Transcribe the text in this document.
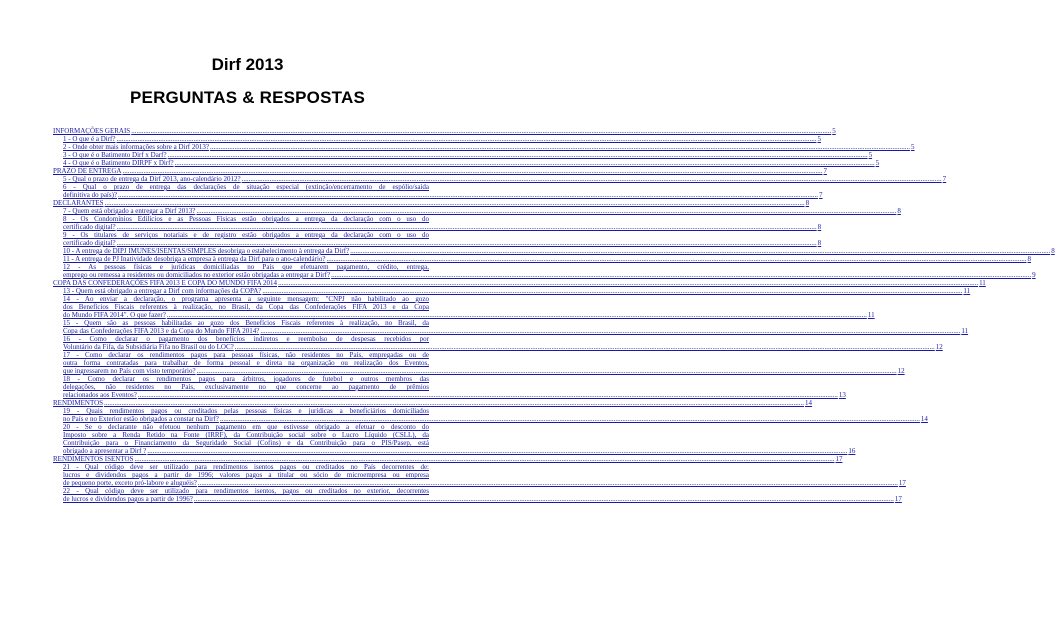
Dirf 2013
PERGUNTAS & RESPOSTAS
INFORMAÇÕES GERAIS ................................................................................................................................................................................................................................................................................................................................................................................................................ 5
1 - O que é a Dirf? ................................................................................................................................................................................................................................................................................................................................................................................................................ 5
2 - Onde obter mais informações sobre a Dirf 2013? ................................................................................................................................................................................................................................................................................................................................................................................................................ 5
3 - O que é o Batimento Dirf x Darf? ................................................................................................................................................................................................................................................................................................................................................................................................................ 5
4 - O que é o Batimento DIRPF x Dirf? ................................................................................................................................................................................................................................................................................................................................................................................................................ 5
PRAZO DE ENTREGA ................................................................................................................................................................................................................................................................................................................................................................................................................ 7
5 - Qual o prazo de entrega da Dirf 2013, ano-calendário 2012? ................................................................................................................................................................................................................................................................................................................................................................................................................ 7
6 - Qual o prazo de entrega das declarações de situação especial (extinção/encerramento de espólio/saída
definitiva do país)? ................................................................................................................................................................................................................................................................................................................................................................................................................ 7
DECLARANTES ................................................................................................................................................................................................................................................................................................................................................................................................................ 8
7 - Quem está obrigado a entregar a Dirf 2013? ................................................................................................................................................................................................................................................................................................................................................................................................................ 8
8 - Os Condomínios Edilícios e as Pessoas Físicas estão obrigados a entrega da declaração com o uso do
certificado digital? ................................................................................................................................................................................................................................................................................................................................................................................................................ 8
9 - Os titulares de serviços notariais e de registro estão obrigados a entrega da declaração com o uso do
certificado digital? ................................................................................................................................................................................................................................................................................................................................................................................................................ 8
10 - A entrega de DIPJ IMUNES/ISENTAS/SIMPLES desobriga o estabelecimento à entrega da Dirf? ................................................................................................................................................................................................................................................................................................................................................................................................................ 8
11 - A entrega de PJ Inatividade desobriga a empresa à entrega da Dirf para o ano-calendário? ................................................................................................................................................................................................................................................................................................................................................................................................................ 8
12 - As pessoas físicas e jurídicas domiciliadas no País que efetuarem pagamento, crédito, entrega,
emprego ou remessa a residentes ou domiciliados no exterior estão obrigadas a entregar a Dirf? ................................................................................................................................................................................................................................................................................................................................................................................................................ 9
COPA DAS CONFEDERAÇÕES FIFA 2013 E COPA DO MUNDO FIFA 2014 ................................................................................................................................................................................................................................................................................................................................................................................................................ 11
13 - Quem está obrigado a entregar a Dirf com informações da COPA? ................................................................................................................................................................................................................................................................................................................................................................................................................ 11
14 - Ao enviar a declaração, o programa apresenta a seguinte mensagem: "CNPJ não habilitado ao gozo
dos Benefícios Fiscais referentes à realização, no Brasil, da Copa das Confederações FIFA 2013 e da Copa
do Mundo FIFA 2014". O que fazer? ................................................................................................................................................................................................................................................................................................................................................................................................................ 11
15 - Quem são as pessoas habilitadas ao gozo dos Benefícios Fiscais referentes à realização, no Brasil, da
Copa das Confederações FIFA 2013 e da Copa do Mundo FIFA 2014? ................................................................................................................................................................................................................................................................................................................................................................................................................ 11
16 - Como declarar o pagamento dos benefícios indiretos e reembolso de despesas recebidos por
Voluntário da Fifa, da Subsidiária Fifa no Brasil ou do LOC? ................................................................................................................................................................................................................................................................................................................................................................................................................ 12
17 - Como declarar os rendimentos pagos para pessoas físicas, não residentes no País, empregadas ou de
outra forma contratadas para trabalhar de forma pessoal e direta na organização ou realização dos Eventos,
que ingressarem no País com visto temporário? ................................................................................................................................................................................................................................................................................................................................................................................................................ 12
18 - Como declarar os rendimentos pagos para árbitros, jogadores de futebol e outros membros das
delegações, não residentes no País, exclusivamente no que concerne ao pagamento de prêmios
relacionados aos Eventos? ................................................................................................................................................................................................................................................................................................................................................................................................................ 13
RENDIMENTOS ................................................................................................................................................................................................................................................................................................................................................................................................................ 14
19 - Quais rendimentos pagos ou creditados pelas pessoas físicas e jurídicas a beneficiários domiciliados
no País e no Exterior estão obrigados a constar na Dirf? ................................................................................................................................................................................................................................................................................................................................................................................................................ 14
20 - Se o declarante não efetuou nenhum pagamento em que estivesse obrigado a efetuar o desconto do
Imposto sobre a Renda Retido na Fonte (IRRF), da Contribuição social sobre o Lucro Líquido (CSLL), da
Contribuição para o Financiamento da Seguridade Social (Cofins) e da Contribuição para o PIS/Pasep, está
obrigado a apresentar a Dirf ? ................................................................................................................................................................................................................................................................................................................................................................................................................ 16
RENDIMENTOS ISENTOS ................................................................................................................................................................................................................................................................................................................................................................................................................ 17
21 - Qual código deve ser utilizado para rendimentos isentos pagos ou creditados no País decorrentes de:
lucros e dividendos pagos a partir de 1996; valores pagos a titular ou sócio de microempresa ou empresa
de pequeno porte, exceto pró-labore e aluguéis? ................................................................................................................................................................................................................................................................................................................................................................................................................ 17
22 - Qual código deve ser utilizado para rendimentos isentos, pagos ou creditados no exterior, decorrentes
de lucros e dividendos pagos a partir de 1996? ................................................................................................................................................................................................................................................................................................................................................................................................................ 17
